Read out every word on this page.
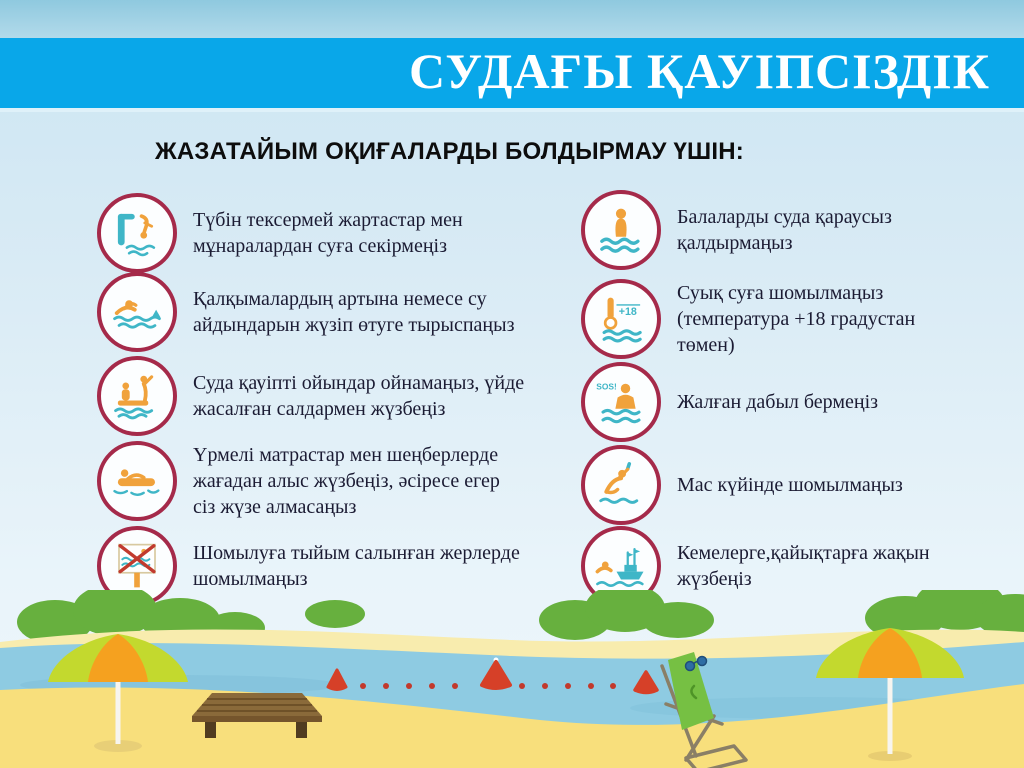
СУДАҒЫ ҚАУІПСІЗДІК
ЖАЗАТАЙЫМ ОҚИҒАЛАРДЫ БОЛДЫРМАУ ҮШІН:
Түбін тексермей жартастар мен мұнаралардан суға секірмеңіз
Қалқымалардың артына немесе су айдындарын жүзіп өтуге тырыспаңыз
Суда қауіпті ойындар ойнамаңыз, үйде жасалған салдармен жүзбеңіз
Үрмелі матрастар мен шеңберлерде жағадан алыс жүзбеңіз, әсіресе егер сіз жүзе алмасаңыз
Шомылуға тыйым салынған жерлерде шомылмаңыз
Балаларды суда қараусыз қалдырмаңыз
+18
Суық суға шомылмаңыз (температура +18 градустан төмен)
SOS!
Жалған дабыл бермеңіз
Мас күйінде шомылмаңыз
Кемелерге,қайықтарға жақын жүзбеңіз
